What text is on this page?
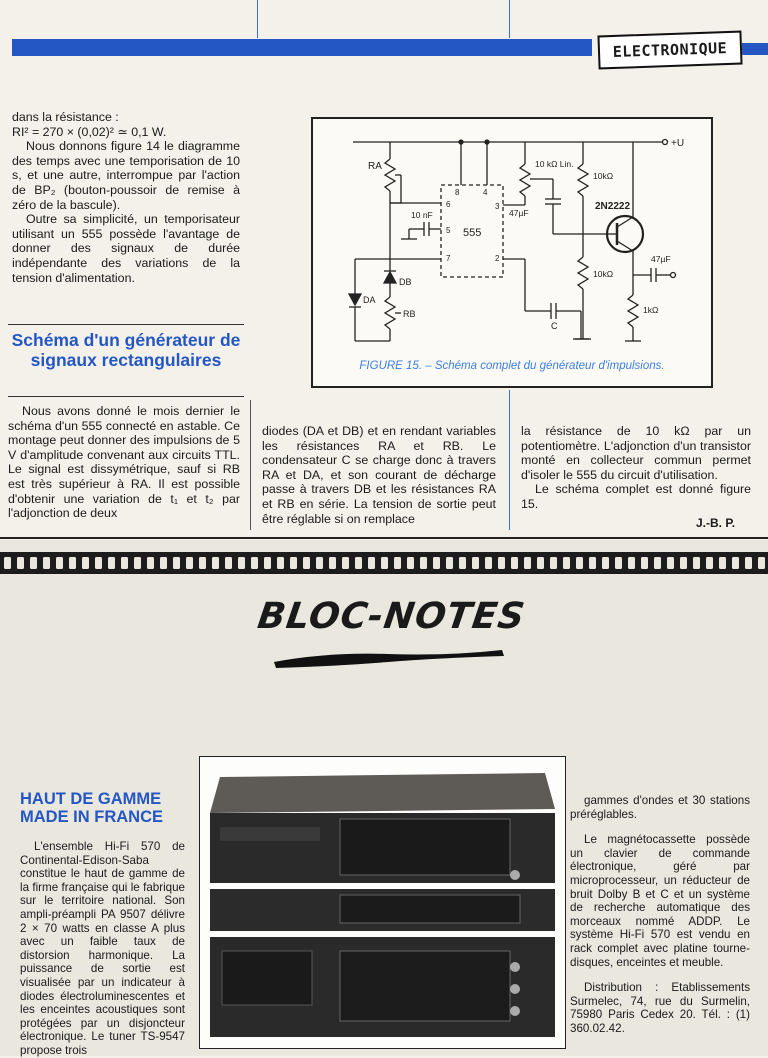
ELECTRONIQUE

dans la résistance :

RI² = 270 × (0,02)² ≃ 0,1 W.

Nous donnons figure 14 le diagramme des temps avec une temporisation de 10 s, et une autre, interrompue par l'action de BP₂ (bouton-poussoir de remise à zéro de la bascule).

Outre sa simplicité, un temporisateur utilisant un 555 possède l'avantage de donner des signaux de durée indépendante des variations de la tension d'alimentation.

Schéma d'un générateur de signaux rectangulaires

Nous avons donné le mois dernier le schéma d'un 555 connecté en astable. Ce montage peut donner des impulsions de 5 V d'amplitude convenant aux circuits TTL. Le signal est dissymétrique, sauf si RB est très supérieur à RA. Il est possible d'obtenir une variation de t₁ et t₂ par l'adjonction de deux

diodes (DA et DB) et en rendant variables les résistances RA et RB. Le condensateur C se charge donc à travers RA et DA, et son courant de décharge passe à travers DB et les résistances RA et RB en série. La tension de sortie peut être réglable si on remplace

la résistance de 10 kΩ par un potentiomètre. L'adjonction d'un transistor monté en collecteur commun permet d'isoler le 555 du circuit d'utilisation.

Le schéma complet est donné figure 15.

J.-B. P.
+U
RA
555
8	4
6
5
7
3
2
10 nF
DA
DB
RB
C
10 kΩ Lin.
47µF
10kΩ
10kΩ
2N2222
47µF
1kΩ
FIGURE 15. – Schéma complet du générateur d'impulsions.
BLOC-NOTES
HAUT DE GAMME MADE IN FRANCE

L'ensemble Hi-Fi 570 de Continental-Edison-Saba constitue le haut de gamme de la firme française qui le fabrique sur le territoire national. Son ampli-préampli PA 9507 délivre 2 × 70 watts en classe A plus avec un faible taux de distorsion harmonique. La puissance de sortie est visualisée par un indicateur à diodes électroluminescentes et les enceintes acoustiques sont protégées par un disjoncteur électronique. Le tuner TS-9547 propose trois

gammes d'ondes et 30 stations préréglables.

Le magnétocassette possède un clavier de commande électronique, géré par microprocesseur, un réducteur de bruit Dolby B et C et un système de recherche automatique des morceaux nommé ADDP. Le système Hi-Fi 570 est vendu en rack complet avec platine tourne-disques, enceintes et meuble.

Distribution : Etablissements Surmelec, 74, rue du Surmelin, 75980 Paris Cedex 20. Tél. : (1) 360.02.42.
